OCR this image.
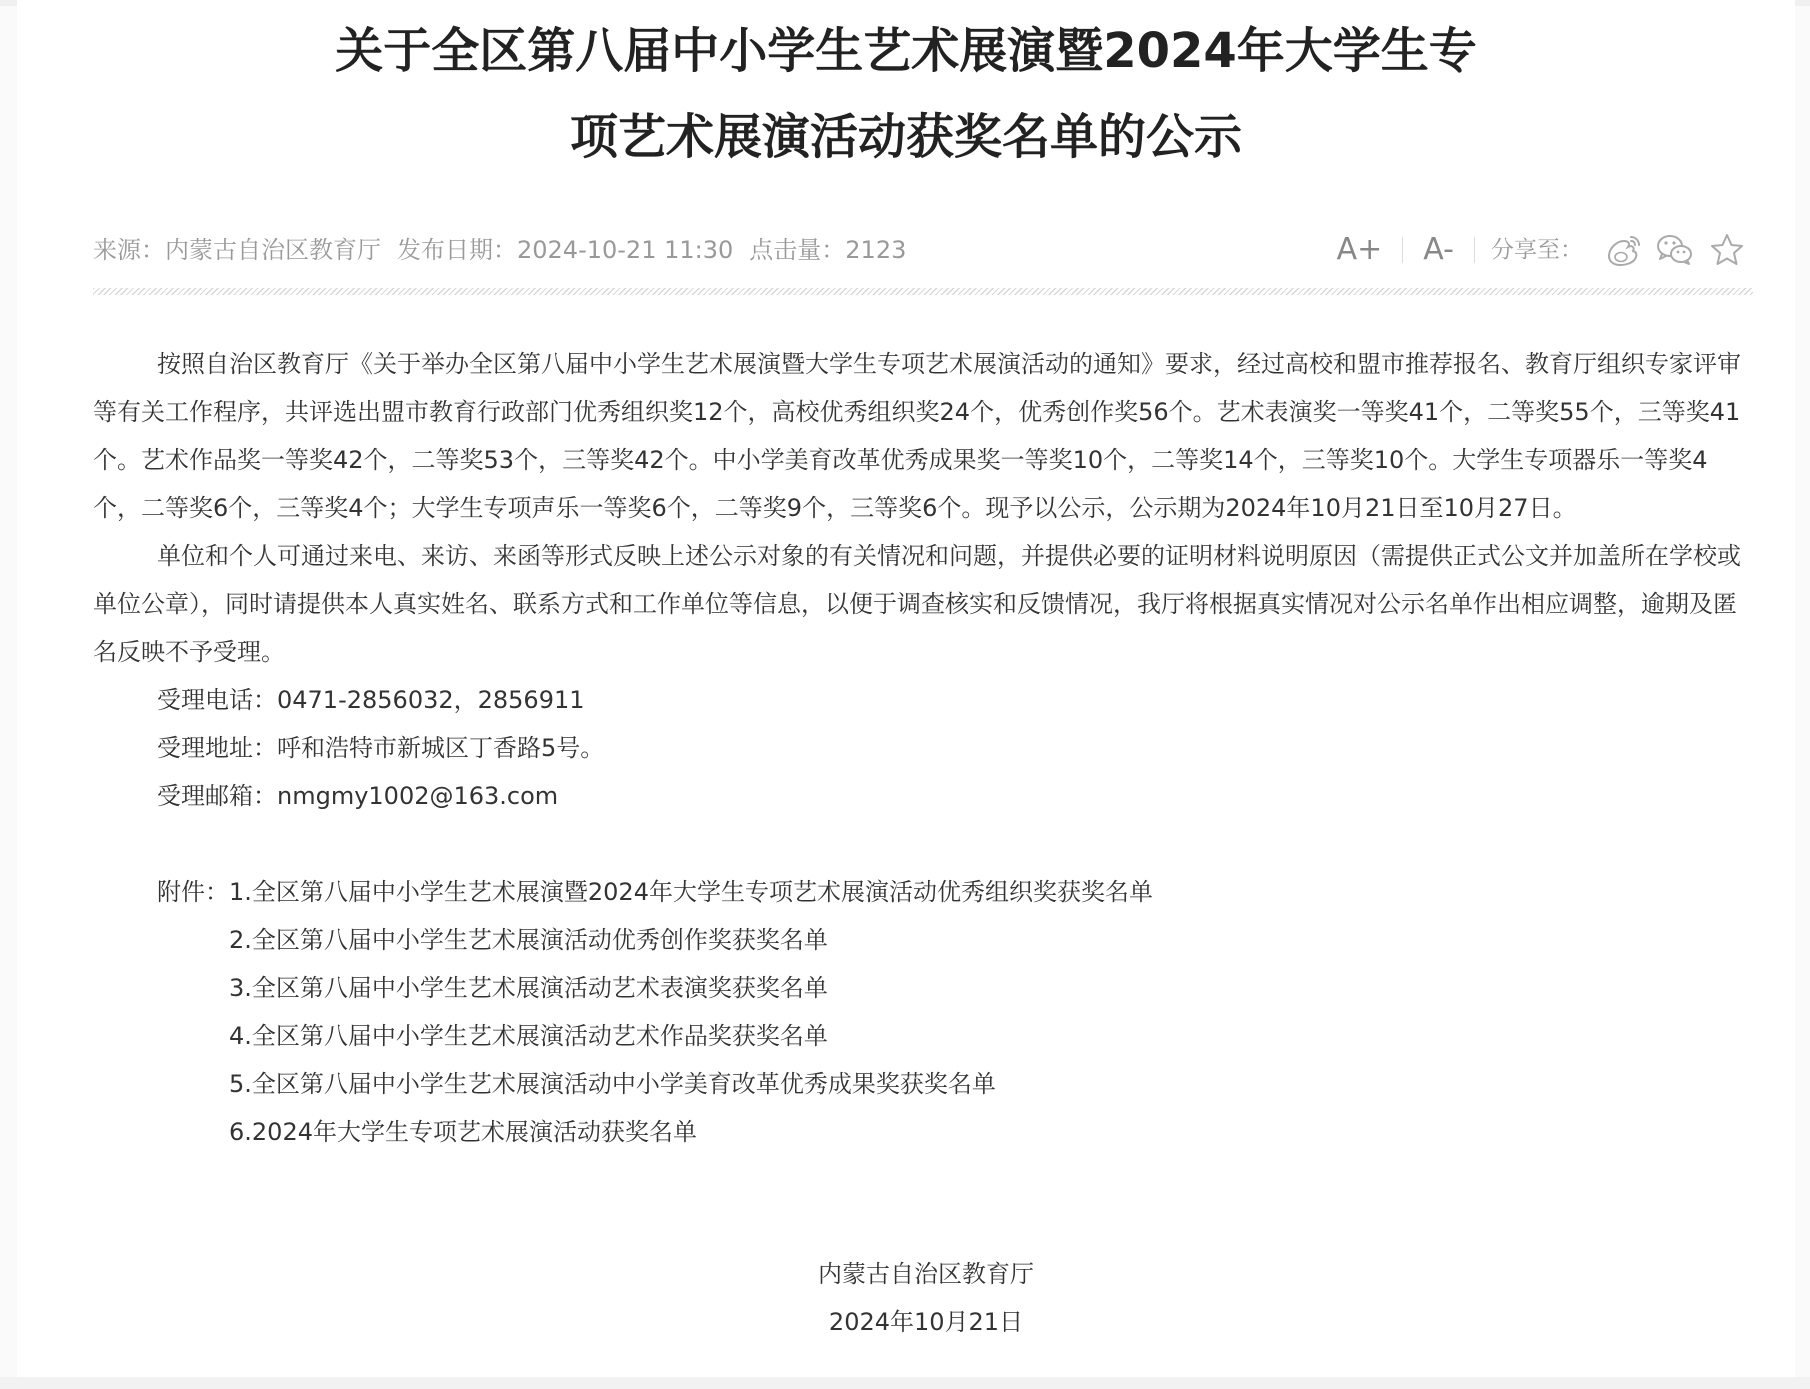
关于全区第八届中小学生艺术展演暨2024年大学生专
项艺术展演活动获奖名单的公示
来源：内蒙古自治区教育厅 发布日期：2024-10-21 11:30 点击量：2123	A+	A-	分享至：

按照自治区教育厅《关于举办全区第八届中小学生艺术展演暨大学生专项艺术展演活动的通知》要求，经过高校和盟市推荐报名、教育厅组织专家评审等有关工作程序，共评选出盟市教育行政部门优秀组织奖12个，高校优秀组织奖24个，优秀创作奖56个。艺术表演奖一等奖41个，二等奖55个，三等奖41个。艺术作品奖一等奖42个，二等奖53个，三等奖42个。中小学美育改革优秀成果奖一等奖10个，二等奖14个，三等奖10个。大学生专项器乐一等奖4个，二等奖6个，三等奖4个；大学生专项声乐一等奖6个，二等奖9个，三等奖6个。现予以公示，公示期为2024年10月21日至10月27日。

单位和个人可通过来电、来访、来函等形式反映上述公示对象的有关情况和问题，并提供必要的证明材料说明原因（需提供正式公文并加盖所在学校或单位公章），同时请提供本人真实姓名、联系方式和工作单位等信息，以便于调查核实和反馈情况，我厅将根据真实情况对公示名单作出相应调整，逾期及匿名反映不予受理。

受理电话：0471-2856032，2856911

受理地址：呼和浩特市新城区丁香路5号。

受理邮箱：nmgmy1002@163.com

附件：1.全区第八届中小学生艺术展演暨2024年大学生专项艺术展演活动优秀组织奖获奖名单

2.全区第八届中小学生艺术展演活动优秀创作奖获奖名单

3.全区第八届中小学生艺术展演活动艺术表演奖获奖名单

4.全区第八届中小学生艺术展演活动艺术作品奖获奖名单

5.全区第八届中小学生艺术展演活动中小学美育改革优秀成果奖获奖名单

6.2024年大学生专项艺术展演活动获奖名单

内蒙古自治区教育厅
2024年10月21日
